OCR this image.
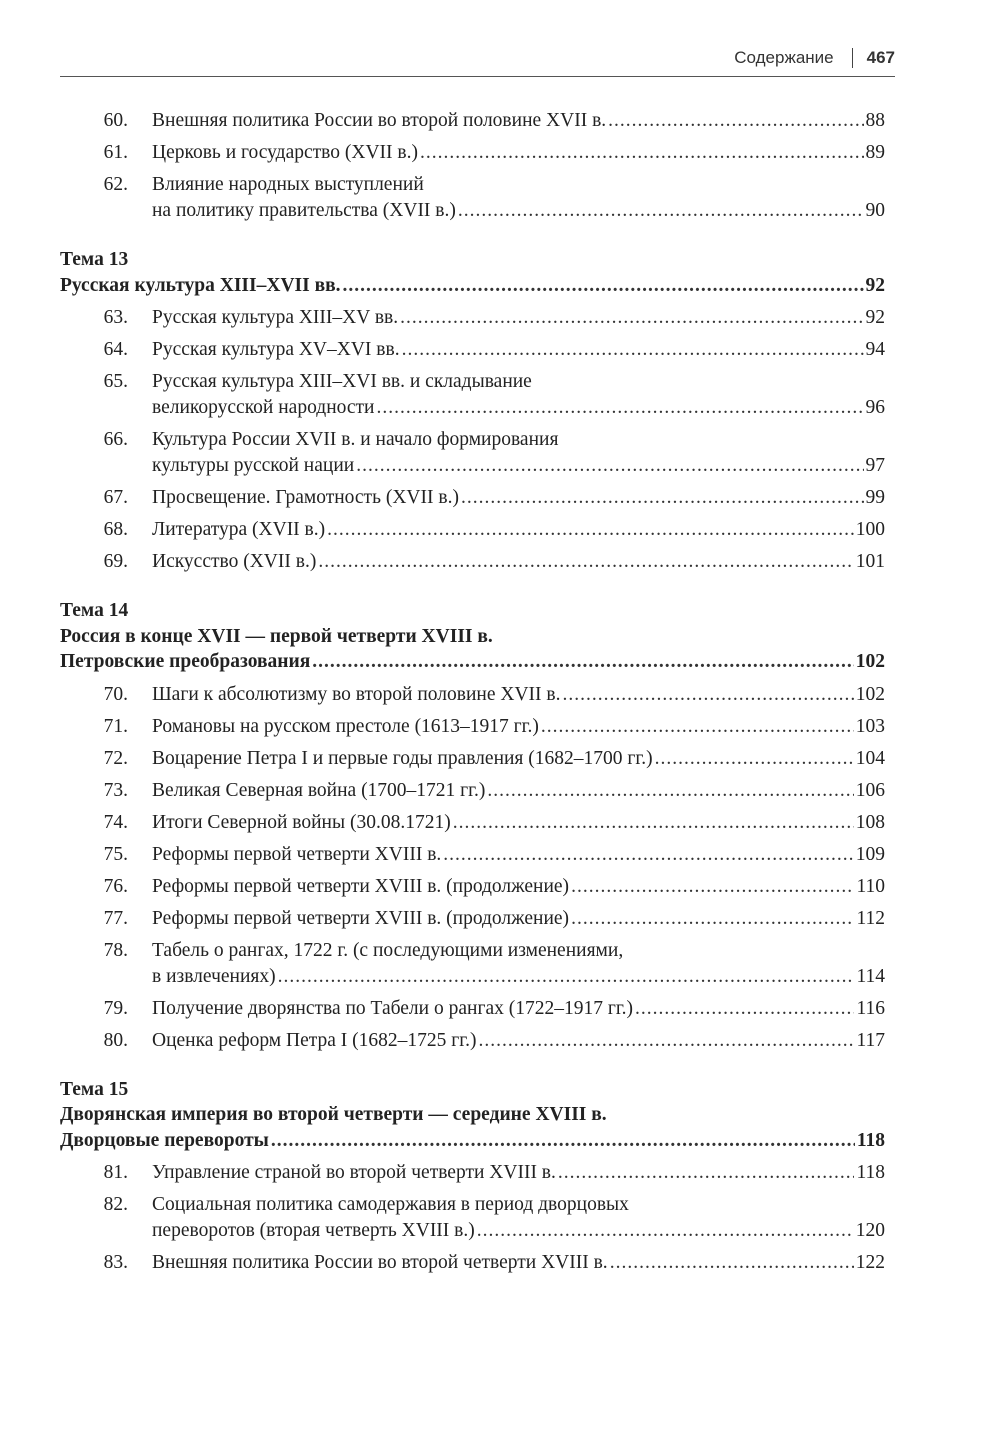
Содержание 467
60.	Внешняя политика России во второй половине XVII в. .....	88
61.	Церковь и государство (XVII в.) .....	89
62.	Влияние народных выступлений
на политику правительства (XVII в.) .....	90
Тема 13
Русская культура XIII–XVII вв. .....	92
63.	Русская культура XIII–XV вв. .....	92
64.	Русская культура XV–XVI вв. .....	94
65.	Русская культура XIII–XVI вв. и складывание
великорусской народности .....	96
66.	Культура России XVII в. и начало формирования
культуры русской нации .....	97
67.	Просвещение. Грамотность (XVII в.) .....	99
68.	Литература (XVII в.) .....	100
69.	Искусство (XVII в.) .....	101
Тема 14
Россия в конце XVII — первой четверти XVIII в.
Петровские преобразования .....	102
70.	Шаги к абсолютизму во второй половине XVII в. .....	102
71.	Романовы на русском престоле (1613–1917 гг.) .....	103
72.	Воцарение Петра I и первые годы правления (1682–1700 гг.) .....	104
73.	Великая Северная война (1700–1721 гг.) .....	106
74.	Итоги Северной войны (30.08.1721) .....	108
75.	Реформы первой четверти XVIII в. .....	109
76.	Реформы первой четверти XVIII в. (продолжение) .....	110
77.	Реформы первой четверти XVIII в. (продолжение) .....	112
78.	Табель о рангах, 1722 г. (с последующими изменениями,
в извлечениях) .....	114
79.	Получение дворянства по Табели о рангах (1722–1917 гг.) .....	116
80.	Оценка реформ Петра I (1682–1725 гг.) .....	117
Тема 15
Дворянская империя во второй четверти — середине XVIII в.
Дворцовые перевороты .....	118
81.	Управление страной во второй четверти XVIII в. .....	118
82.	Социальная политика самодержавия в период дворцовых
переворотов (вторая четверть XVIII в.) .....	120
83.	Внешняя политика России во второй четверти XVIII в. .....	122
